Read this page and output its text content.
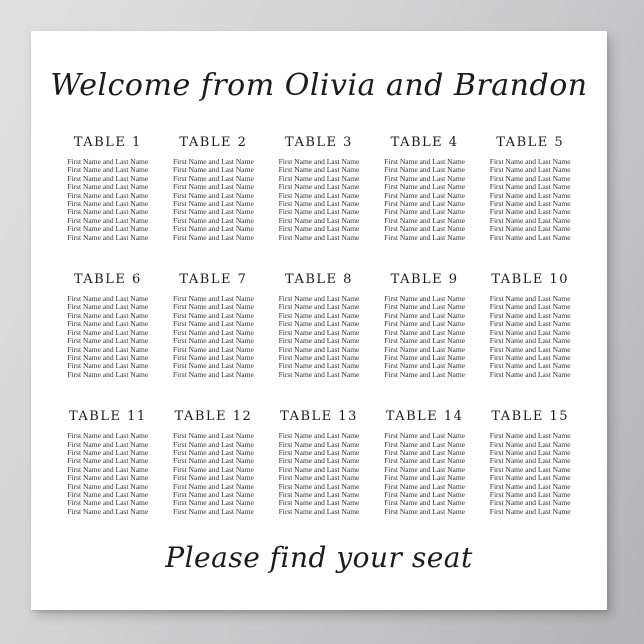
Welcome from Olivia and Brandon
TABLE 1
First Name and Last Name
First Name and Last Name
First Name and Last Name
First Name and Last Name
First Name and Last Name
First Name and Last Name
First Name and Last Name
First Name and Last Name
First Name and Last Name
First Name and Last Name
TABLE 2
First Name and Last Name
First Name and Last Name
First Name and Last Name
First Name and Last Name
First Name and Last Name
First Name and Last Name
First Name and Last Name
First Name and Last Name
First Name and Last Name
First Name and Last Name
TABLE 3
First Name and Last Name
First Name and Last Name
First Name and Last Name
First Name and Last Name
First Name and Last Name
First Name and Last Name
First Name and Last Name
First Name and Last Name
First Name and Last Name
First Name and Last Name
TABLE 4
First Name and Last Name
First Name and Last Name
First Name and Last Name
First Name and Last Name
First Name and Last Name
First Name and Last Name
First Name and Last Name
First Name and Last Name
First Name and Last Name
First Name and Last Name
TABLE 5
First Name and Last Name
First Name and Last Name
First Name and Last Name
First Name and Last Name
First Name and Last Name
First Name and Last Name
First Name and Last Name
First Name and Last Name
First Name and Last Name
First Name and Last Name
TABLE 6
First Name and Last Name
First Name and Last Name
First Name and Last Name
First Name and Last Name
First Name and Last Name
First Name and Last Name
First Name and Last Name
First Name and Last Name
First Name and Last Name
First Name and Last Name
TABLE 7
First Name and Last Name
First Name and Last Name
First Name and Last Name
First Name and Last Name
First Name and Last Name
First Name and Last Name
First Name and Last Name
First Name and Last Name
First Name and Last Name
First Name and Last Name
TABLE 8
First Name and Last Name
First Name and Last Name
First Name and Last Name
First Name and Last Name
First Name and Last Name
First Name and Last Name
First Name and Last Name
First Name and Last Name
First Name and Last Name
First Name and Last Name
TABLE 9
First Name and Last Name
First Name and Last Name
First Name and Last Name
First Name and Last Name
First Name and Last Name
First Name and Last Name
First Name and Last Name
First Name and Last Name
First Name and Last Name
First Name and Last Name
TABLE 10
First Name and Last Name
First Name and Last Name
First Name and Last Name
First Name and Last Name
First Name and Last Name
First Name and Last Name
First Name and Last Name
First Name and Last Name
First Name and Last Name
First Name and Last Name
TABLE 11
First Name and Last Name
First Name and Last Name
First Name and Last Name
First Name and Last Name
First Name and Last Name
First Name and Last Name
First Name and Last Name
First Name and Last Name
First Name and Last Name
First Name and Last Name
TABLE 12
First Name and Last Name
First Name and Last Name
First Name and Last Name
First Name and Last Name
First Name and Last Name
First Name and Last Name
First Name and Last Name
First Name and Last Name
First Name and Last Name
First Name and Last Name
TABLE 13
First Name and Last Name
First Name and Last Name
First Name and Last Name
First Name and Last Name
First Name and Last Name
First Name and Last Name
First Name and Last Name
First Name and Last Name
First Name and Last Name
First Name and Last Name
TABLE 14
First Name and Last Name
First Name and Last Name
First Name and Last Name
First Name and Last Name
First Name and Last Name
First Name and Last Name
First Name and Last Name
First Name and Last Name
First Name and Last Name
First Name and Last Name
TABLE 15
First Name and Last Name
First Name and Last Name
First Name and Last Name
First Name and Last Name
First Name and Last Name
First Name and Last Name
First Name and Last Name
First Name and Last Name
First Name and Last Name
First Name and Last Name
Please find your seat
